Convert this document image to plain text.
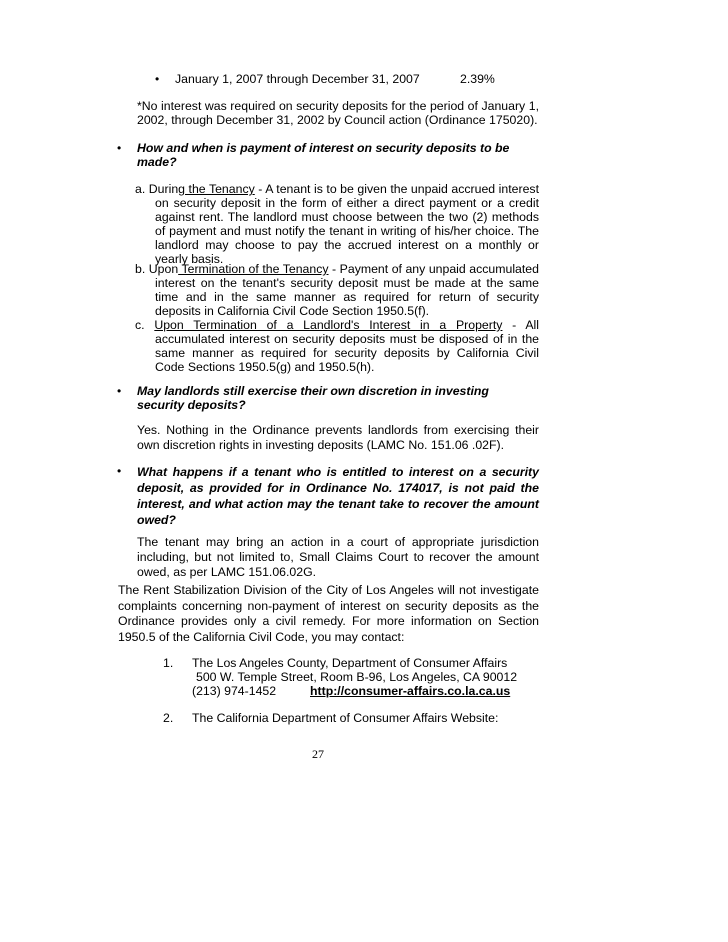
• January 1, 2007 through December 31, 2007	2.39%
*No interest was required on security deposits for the period of January 1, 2002, through December 31, 2002 by Council action (Ordinance 175020).
• How and when is payment of interest on security deposits to be made?
a. During the Tenancy - A tenant is to be given the unpaid accrued interest on security deposit in the form of either a direct payment or a credit against rent. The landlord must choose between the two (2) methods of payment and must notify the tenant in writing of his/her choice. The landlord may choose to pay the accrued interest on a monthly or yearly basis.
b. Upon Termination of the Tenancy - Payment of any unpaid accumulated interest on the tenant's security deposit must be made at the same time and in the same manner as required for return of security deposits in California Civil Code Section 1950.5(f).
c. Upon Termination of a Landlord's Interest in a Property - All accumulated interest on security deposits must be disposed of in the same manner as required for security deposits by California Civil Code Sections 1950.5(g) and 1950.5(h).
• May landlords still exercise their own discretion in investing security deposits?
Yes. Nothing in the Ordinance prevents landlords from exercising their own discretion rights in investing deposits (LAMC No. 151.06 .02F).
• What happens if a tenant who is entitled to interest on a security deposit, as provided for in Ordinance No. 174017, is not paid the interest, and what action may the tenant take to recover the amount owed?
The tenant may bring an action in a court of appropriate jurisdiction including, but not limited to, Small Claims Court to recover the amount owed, as per LAMC 151.06.02G.
The Rent Stabilization Division of the City of Los Angeles will not investigate complaints concerning non-payment of interest on security deposits as the Ordinance provides only a civil remedy. For more information on Section 1950.5 of the California Civil Code, you may contact:
1. The Los Angeles County, Department of Consumer Affairs
500 W. Temple Street, Room B-96, Los Angeles, CA 90012
(213) 974-1452	http://consumer-affairs.co.la.ca.us
2. The California Department of Consumer Affairs Website:
27
